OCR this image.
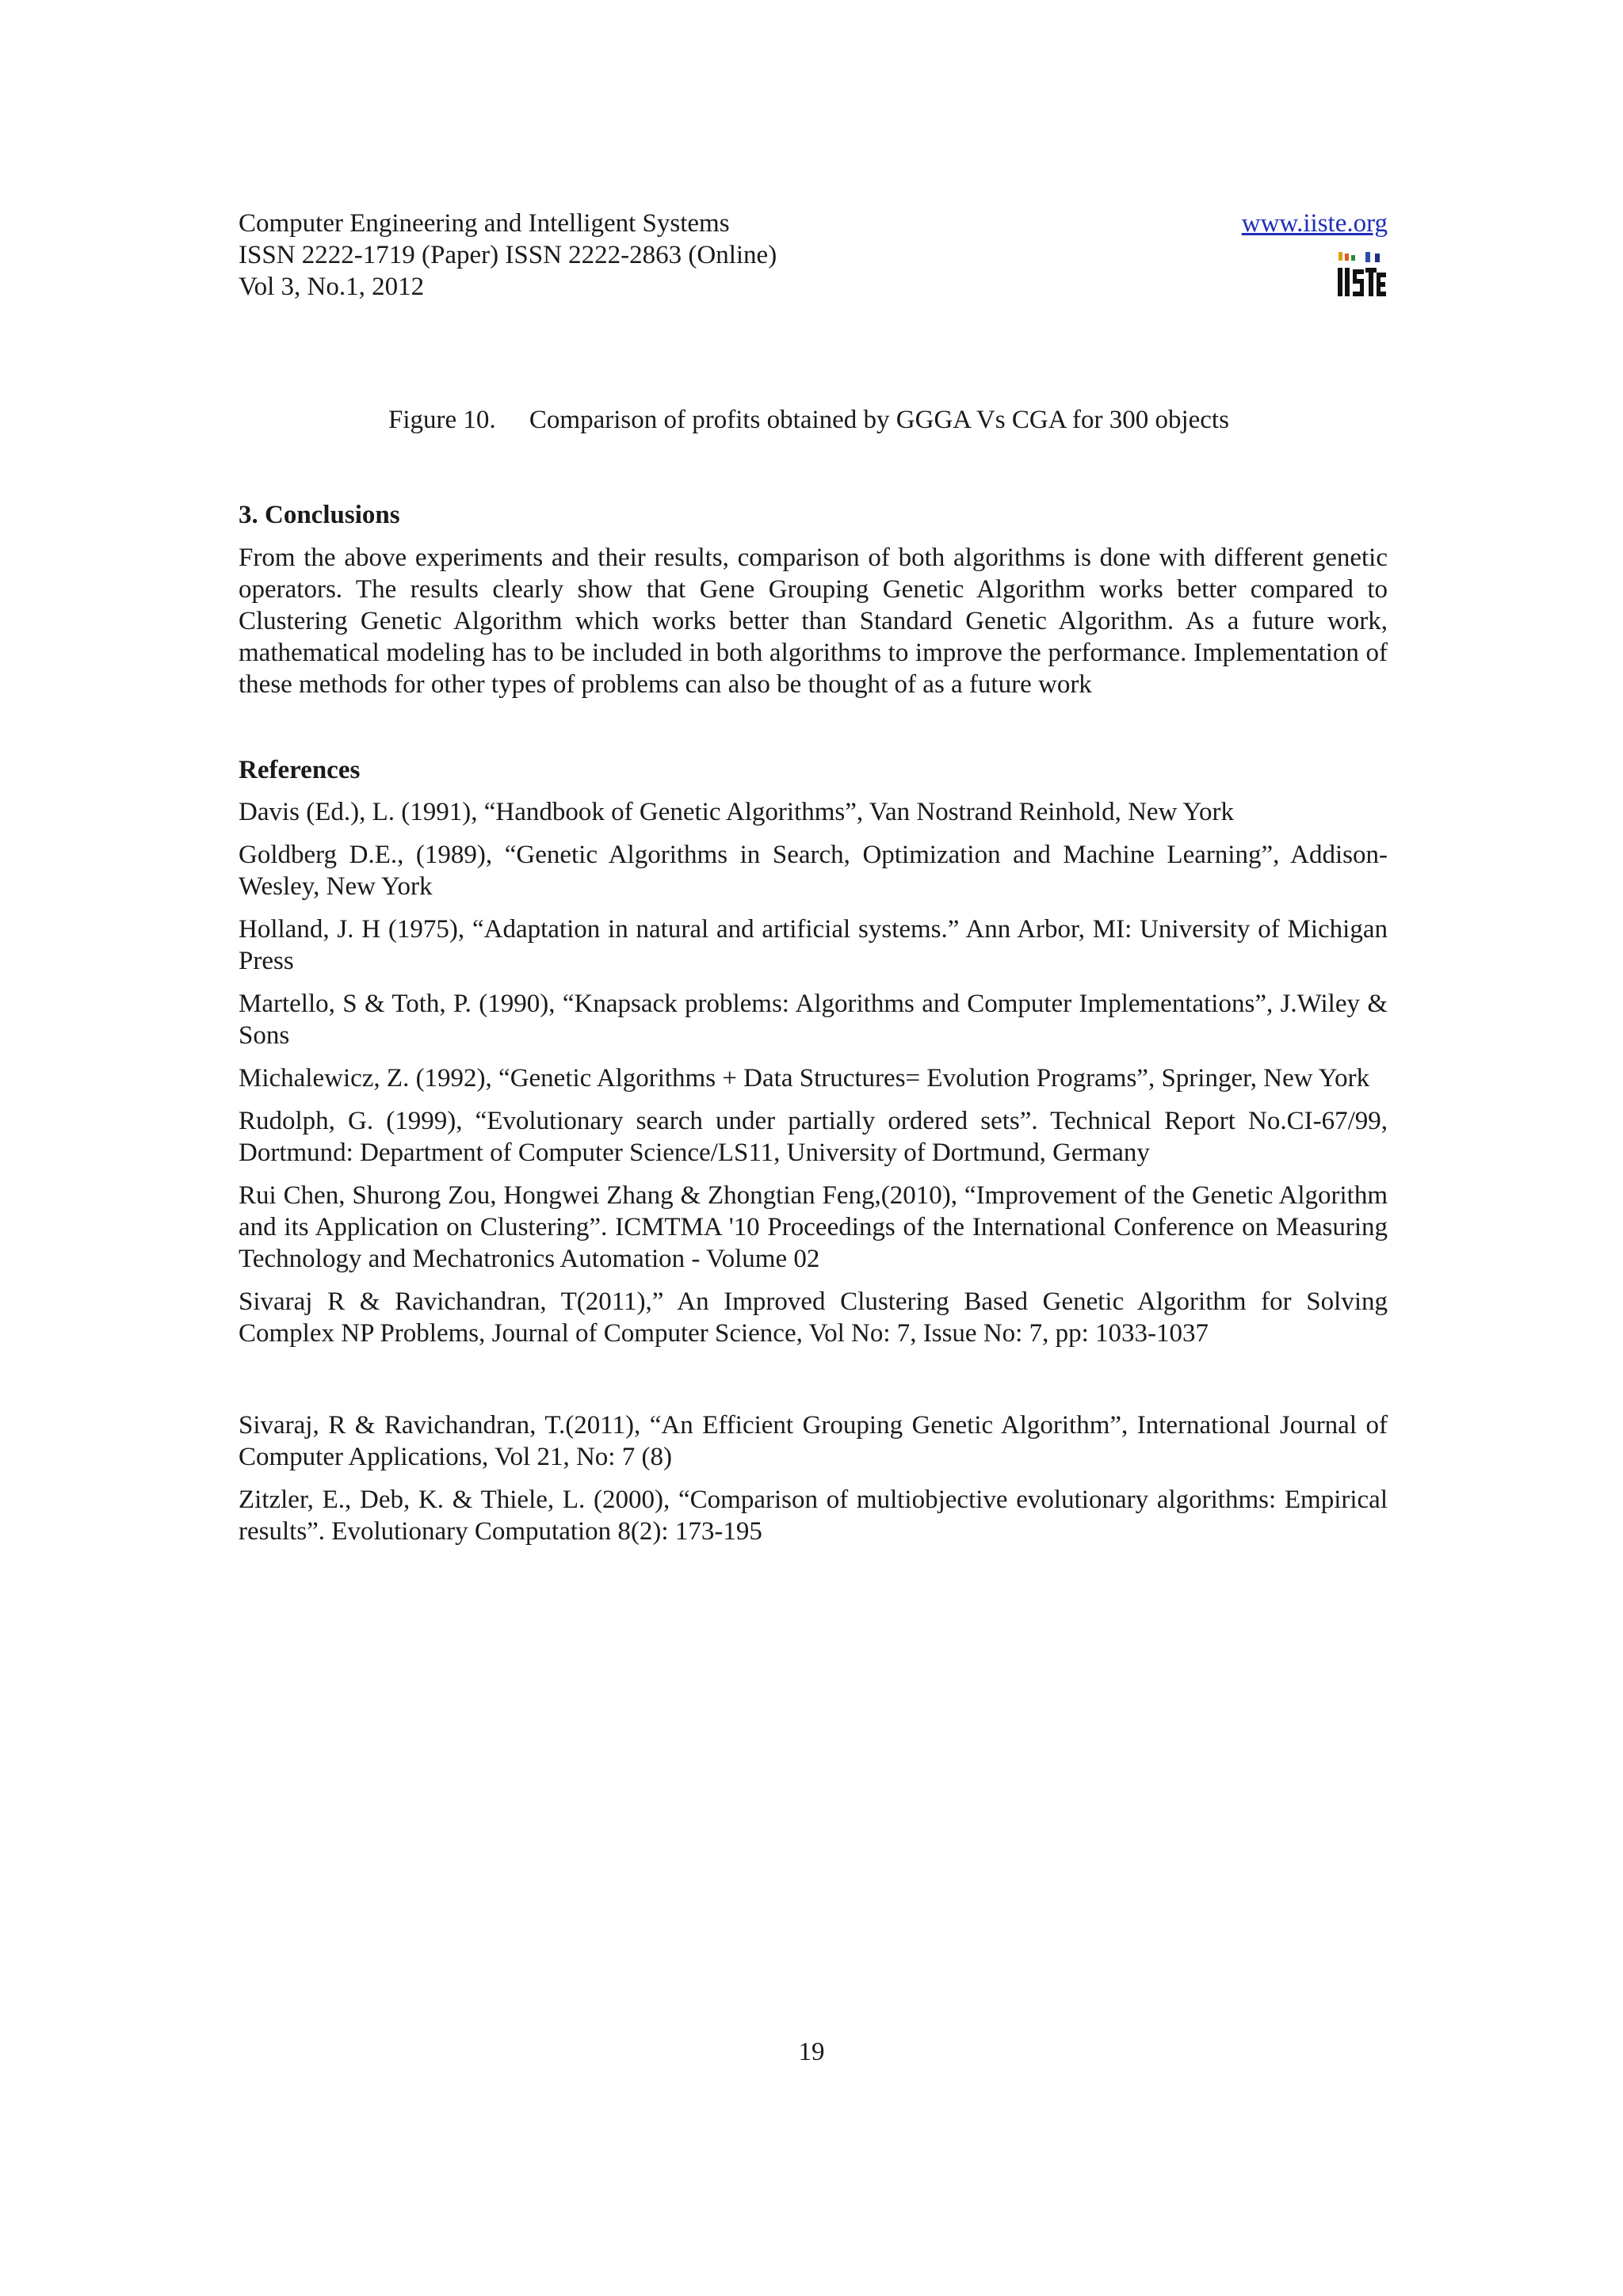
Computer Engineering and Intelligent Systems
ISSN 2222-1719 (Paper) ISSN 2222-2863 (Online)
Vol 3, No.1, 2012
www.iiste.org
Figure 10. Comparison of profits obtained by GGGA Vs CGA for 300 objects
3. Conclusions
From the above experiments and their results, comparison of both algorithms is done with different genetic operators. The results clearly show that Gene Grouping Genetic Algorithm works better compared to Clustering Genetic Algorithm which works better than Standard Genetic Algorithm. As a future work, mathematical modeling has to be included in both algorithms to improve the performance. Implementation of these methods for other types of problems can also be thought of as a future work
References
Davis (Ed.), L. (1991), “Handbook of Genetic Algorithms”, Van Nostrand Reinhold, New York
Goldberg D.E., (1989), “Genetic Algorithms in Search, Optimization and Machine Learning”, Addison-Wesley, New York
Holland, J. H (1975), “Adaptation in natural and artificial systems.” Ann Arbor, MI: University of Michigan Press
Martello, S & Toth, P. (1990), “Knapsack problems: Algorithms and Computer Implementations”, J.Wiley & Sons
Michalewicz, Z. (1992), “Genetic Algorithms + Data Structures= Evolution Programs”, Springer, New York
Rudolph, G. (1999), “Evolutionary search under partially ordered sets”. Technical Report No.CI-67/99, Dortmund: Department of Computer Science/LS11, University of Dortmund, Germany
Rui Chen, Shurong Zou, Hongwei Zhang & Zhongtian Feng,(2010), “Improvement of the Genetic Algorithm and its Application on Clustering”. ICMTMA '10 Proceedings of the International Conference on Measuring Technology and Mechatronics Automation - Volume 02
Sivaraj R & Ravichandran, T(2011),” An Improved Clustering Based Genetic Algorithm for Solving Complex NP Problems, Journal of Computer Science, Vol No: 7, Issue No: 7, pp: 1033-1037
Sivaraj, R & Ravichandran, T.(2011), “An Efficient Grouping Genetic Algorithm”, International Journal of Computer Applications, Vol 21, No: 7 (8)
Zitzler, E., Deb, K. & Thiele, L. (2000), “Comparison of multiobjective evolutionary algorithms: Empirical results”. Evolutionary Computation 8(2): 173-195
19
